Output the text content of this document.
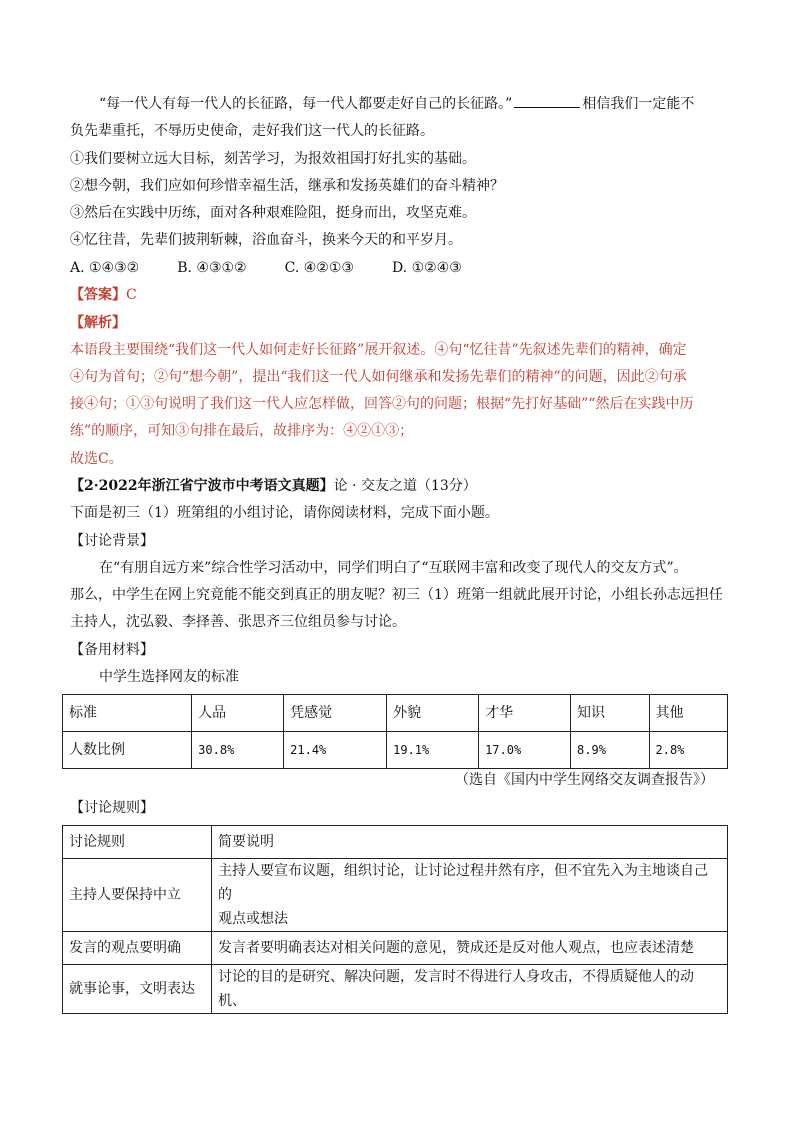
“每一代人有每一代人的长征路，每一代人都要走好自己的长征路。”	相信我们一定能不
负先辈重托，不辱历史使命，走好我们这一代人的长征路。
①我们要树立远大目标，刻苦学习，为报效祖国打好扎实的基础。
②想今朝，我们应如何珍惜幸福生活，继承和发扬英雄们的奋斗精神？
③然后在实践中历练，面对各种艰难险阻，挺身而出，攻坚克难。
④忆往昔，先辈们披荆斩棘，浴血奋斗，换来今天的和平岁月。
A. ①④③②	B. ④③①②	C. ④②①③	D. ①②④③
【答案】C
【解析】
本语段主要围绕“我们这一代人如何走好长征路”展开叙述。④句“忆往昔”先叙述先辈们的精神，确定
④句为首句；②句“想今朝”，提出“我们这一代人如何继承和发扬先辈们的精神”的问题，因此②句承
接④句；①③句说明了我们这一代人应怎样做，回答②句的问题；根据“先打好基础”“然后在实践中历
练”的顺序，可知③句排在最后，故排序为：④②①③；
故选C。
【2·2022年浙江省宁波市中考语文真题】论 · 交友之道（13分）
下面是初三（1）班第组的小组讨论，请你阅读材料，完成下面小题。
【讨论背景】
在“有朋自远方来”综合性学习活动中，同学们明白了“互联网丰富和改变了现代人的交友方式”。
那么，中学生在网上究竟能不能交到真正的朋友呢？初三（1）班第一组就此展开讨论，小组长孙志远担任
主持人，沈弘毅、李择善、张思齐三位组员参与讨论。
【备用材料】
中学生选择网友的标准
标准	人品	凭感觉	外貌	才华	知识	其他
人数比例	30.8%	21.4%	19.1%	17.0%	8.9%	2.8%
（选自《国内中学生网络交友调查报告》）
【讨论规则】
讨论规则	简要说明
主持人要保持中立	主持人要宣布议题，组织讨论，让讨论过程井然有序，但不宜先入为主地谈自己的
观点或想法

发言的观点要明确	发言者要明确表达对相关问题的意见，赞成还是反对他人观点，也应表述清楚
就事论事，文明表达	讨论的目的是研究、解决问题，发言时不得进行人身攻击，不得质疑他人的动机、
